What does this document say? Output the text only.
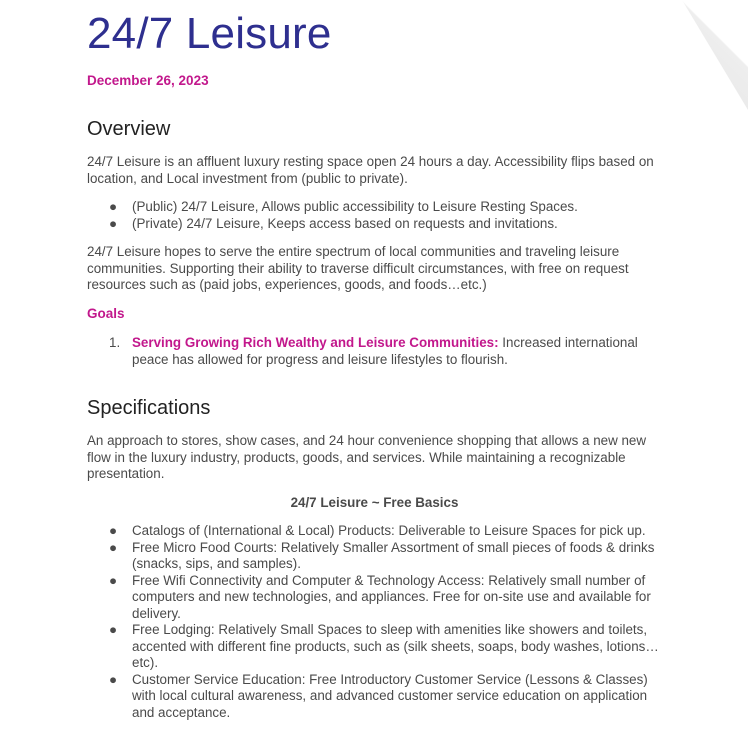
24/7 Leisure
December 26, 2023
Overview

24/7 Leisure is an affluent luxury resting space open 24 hours a day. Accessibility flips based on location, and Local investment from (public to private).

● (Public) 24/7 Leisure, Allows public accessibility to Leisure Resting Spaces.
● (Private) 24/7 Leisure, Keeps access based on requests and invitations.

24/7 Leisure hopes to serve the entire spectrum of local communities and traveling leisure communities. Supporting their ability to traverse difficult circumstances, with free on request resources such as (paid jobs, experiences, goods, and foods…etc.)

Goals
1. Serving Growing Rich Wealthy and Leisure Communities: Increased international peace has allowed for progress and leisure lifestyles to flourish.
Specifications

An approach to stores, show cases, and 24 hour convenience shopping that allows a new new flow in the luxury industry, products, goods, and services. While maintaining a recognizable presentation.

24/7 Leisure ~ Free Basics
● Catalogs of (International & Local) Products: Deliverable to Leisure Spaces for pick up.
● Free Micro Food Courts: Relatively Smaller Assortment of small pieces of foods & drinks (snacks, sips, and samples).
● Free Wifi Connectivity and Computer & Technology Access: Relatively small number of computers and new technologies, and appliances. Free for on-site use and available for delivery.
● Free Lodging: Relatively Small Spaces to sleep with amenities like showers and toilets, accented with different fine products, such as (silk sheets, soaps, body washes, lotions…etc).
● Customer Service Education: Free Introductory Customer Service (Lessons & Classes) with local cultural awareness, and advanced customer service education on application and acceptance.
